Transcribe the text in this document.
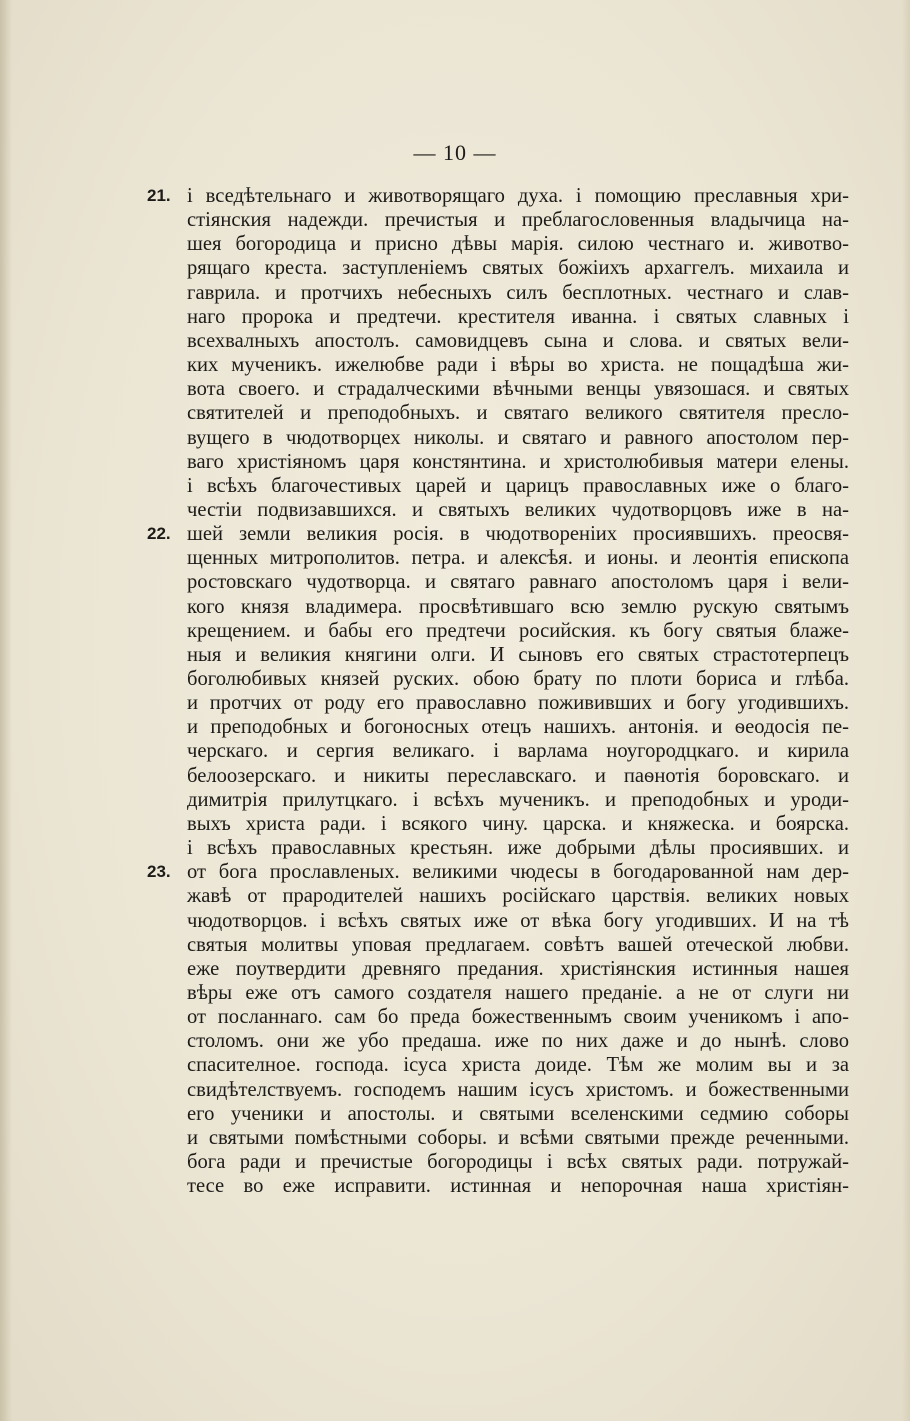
— 10 —
21.
22.
23.
і вседѣтельнаго и животворящаго духа. і помощию преславныя хри-
стіянския надежди. пречистыя и преблагословенныя владычица на-
шея богородица и присно дѣвы марія. силою честнаго и. животво-
рящаго креста. заступленіемъ святых божіихъ архаггелъ. михаила и
гаврила. и протчихъ небесныхъ силъ бесплотных. честнаго и слав-
наго пророка и предтечи. крестителя иванна. і святых славных і
всехвалныхъ апостолъ. самовидцевъ сына и слова. и святых вели-
ких мученикъ. ижелюбве ради і вѣры во христа. не пощадѣша жи-
вота своего. и страдалческими вѣчными венцы увязошася. и святых
святителей и преподобныхъ. и святаго великого святителя пресло-
вущего в чюдотворцех николы. и святаго и равного апостолом пер-
ваго христіяномъ царя констянтина. и христолюбивыя матери елены.
і всѣхъ благочестивых царей и царицъ православных иже о благо-
честіи подвизавшихся. и святыхъ великих чудотворцовъ иже в на-
шей земли великия росія. в чюдотвореніих просиявшихъ. преосвя-
щенных митрополитов. петра. и алексѣя. и ионы. и леонтія епископа
ростовскаго чудотворца. и святаго равнаго апостоломъ царя і вели-
кого князя владимера. просвѣтившаго всю землю рускую святымъ
крещением. и бабы его предтечи росийския. къ богу святыя блаже-
ныя и великия княгини олги. И сыновъ его святых страстотерпецъ
боголюбивых князей руских. обою брату по плоти бориса и глѣба.
и протчих от роду его православно пожививших и богу угодившихъ.
и преподобных и богоносных отецъ нашихъ. антонія. и ѳеодосія пе-
черскаго. и сергия великаго. і варлама ноугородцкаго. и кирила
белоозерскаго. и никиты переславскаго. и паѳнотія боровскаго. и
димитрія прилутцкаго. і всѣхъ мученикъ. и преподобных и уроди-
выхъ христа ради. і всякого чину. царска. и княжеска. и боярска.
і всѣхъ православных крестьян. иже добрыми дѣлы просиявших. и
от бога прославленых. великими чюдесы в богодарованной нам дер-
жавѣ от прародителей нашихъ російскаго царствія. великих новых
чюдотворцов. і всѣхъ святых иже от вѣка богу угодивших. И на тѣ
святыя молитвы уповая предлагаем. совѣтъ вашей отеческой любви.
еже поутвердити древняго предания. христіянския истинныя нашея
вѣры еже отъ самого создателя нашего преданіе. а не от слуги ни
от посланнаго. сам бо преда божественнымъ своим ученикомъ і апо-
столомъ. они же убо предаша. иже по них даже и до нынѣ. слово
спасителное. господа. ісуса христа доиде. Тѣм же молим вы и за
свидѣтелствуемъ. господемъ нашим ісусъ христомъ. и божественными
его ученики и апостолы. и святыми вселенскими седмию соборы
и святыми помѣстными соборы. и всѣми святыми прежде реченными.
бога ради и пречистые богородицы і всѣх святых ради. потружай-
тесе во еже исправити. истинная и непорочная наша христіян-
